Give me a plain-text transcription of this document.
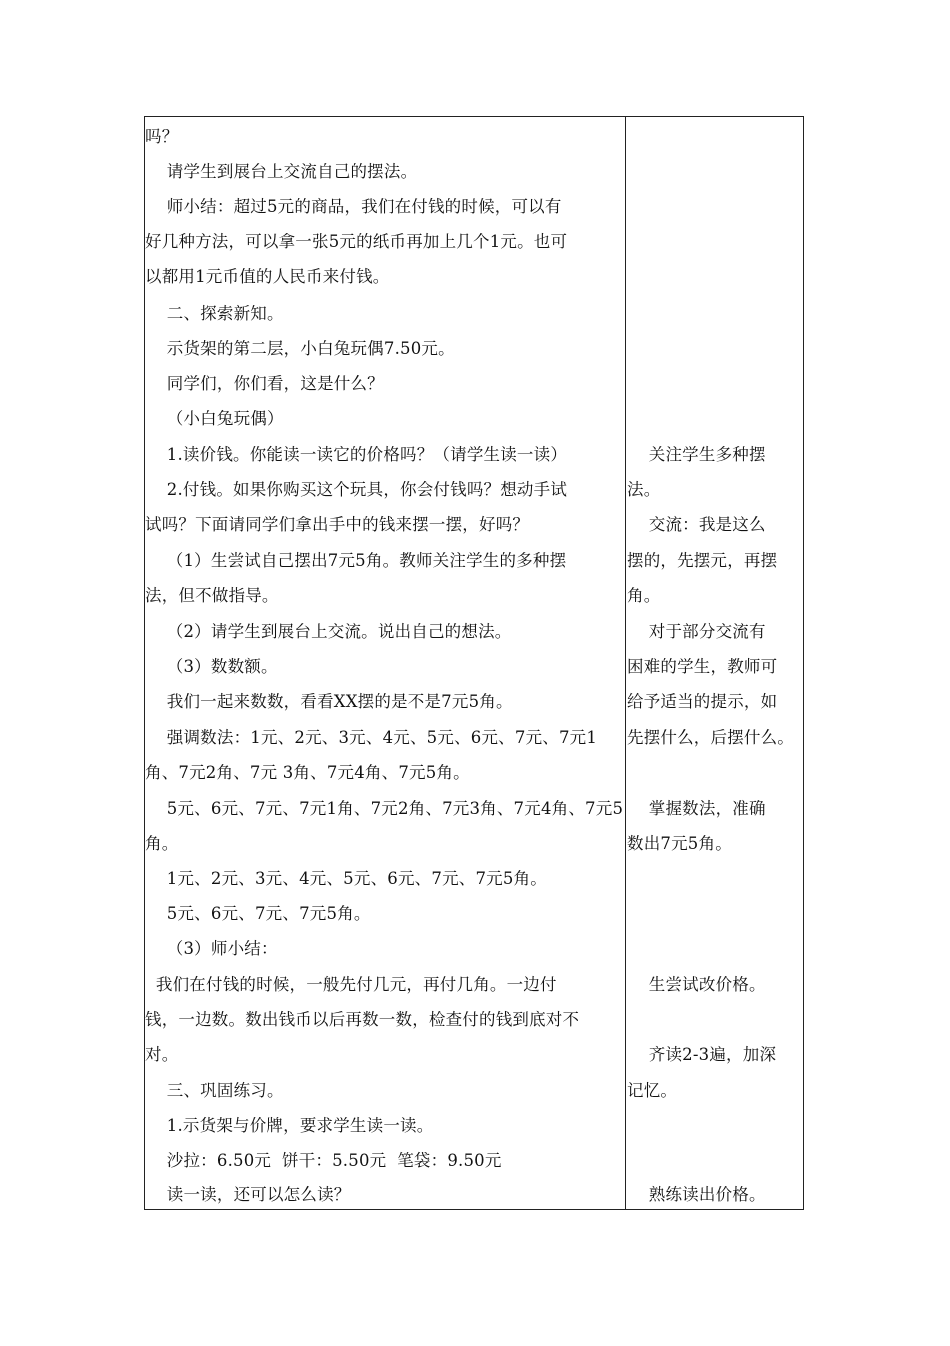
吗？
请学生到展台上交流自己的摆法。
师小结：超过5元的商品，我们在付钱的时候，可以有
好几种方法，可以拿一张5元的纸币再加上几个1元。也可
以都用1元币值的人民币来付钱。
二、探索新知。
示货架的第二层，小白兔玩偶7.50元。
同学们，你们看，这是什么？
（小白兔玩偶）
1.读价钱。你能读一读它的价格吗？（请学生读一读）
2.付钱。如果你购买这个玩具，你会付钱吗？想动手试
试吗？下面请同学们拿出手中的钱来摆一摆，好吗？
（1）生尝试自己摆出7元5角。教师关注学生的多种摆
法，但不做指导。
（2）请学生到展台上交流。说出自己的想法。
（3）数数额。
我们一起来数数，看看XX摆的是不是7元5角。
强调数法：1元、2元、3元、4元、5元、6元、7元、7元1
角、7元2角、7元 3角、7元4角、7元5角。
5元、6元、7元、7元1角、7元2角、7元3角、7元4角、7元5
角。
1元、2元、3元、4元、5元、6元、7元、7元5角。
5元、6元、7元、7元5角。
（3）师小结：
我们在付钱的时候，一般先付几元，再付几角。一边付
钱，一边数。数出钱币以后再数一数，检查付的钱到底对不
对。
三、巩固练习。
1.示货架与价牌，要求学生读一读。
沙拉：6.50元  饼干：5.50元  笔袋：9.50元
读一读，还可以怎么读？
关注学生多种摆
法。
交流：我是这么
摆的，先摆元，再摆
角。
对于部分交流有
困难的学生，教师可
给予适当的提示，如
先摆什么，后摆什么。
掌握数法，准确
数出7元5角。
生尝试改价格。
齐读2-3遍，加深
记忆。
熟练读出价格。
